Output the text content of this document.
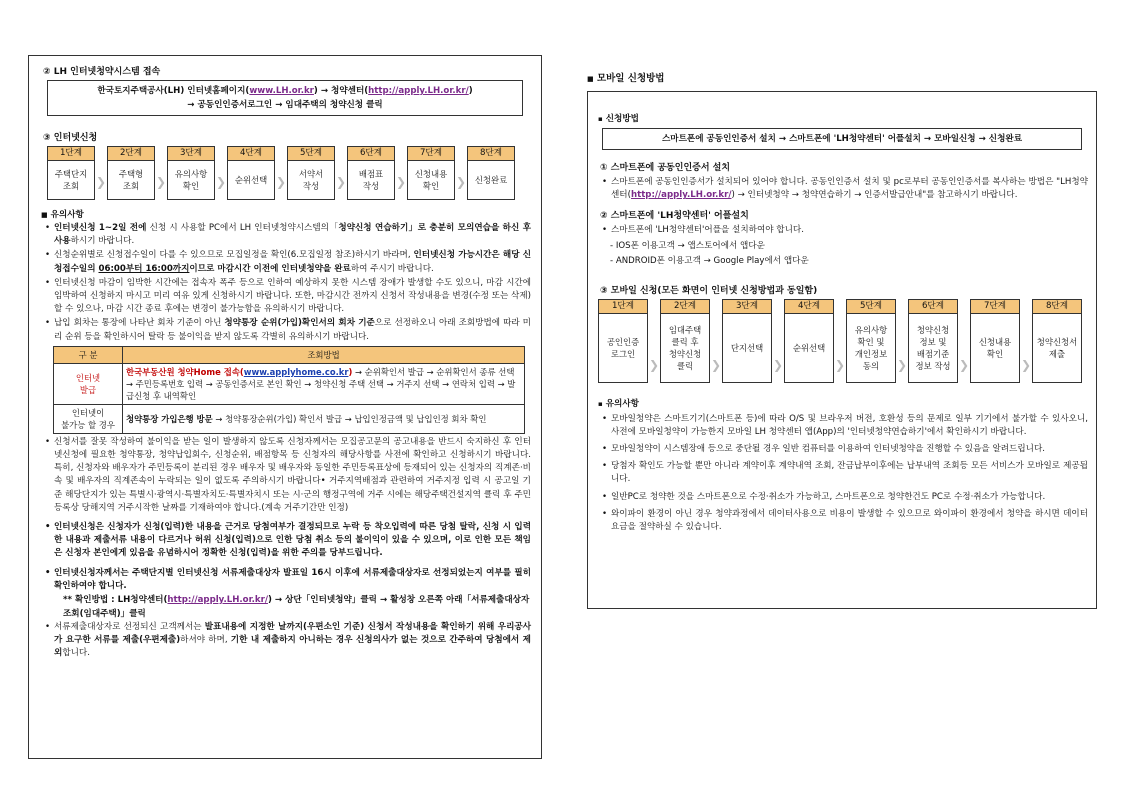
② LH 인터넷청약시스템 접속
한국토지주택공사(LH) 인터넷홈페이지(www.LH.or.kr) → 청약센터(http://apply.LH.or.kr/)
→ 공동인인증서로그인 → 임대주택의 청약신청 클릭
③ 인터넷신청
1단계
주택단지
조회	❯
2단계
주택형
조회	❯
3단계
유의사항
확인	❯
4단계
순위선택 ❯
5단계
서약서
작성	❯
6단계
배점표
작성	❯
7단계
신청내용
확인	❯
8단계
신청완료
■ 유의사항
• 인터넷신청 1~2일 전에 신청 시 사용할 PC에서 LH 인터넷청약시스템의「청약신청 연습하기」로 충분히 모의연습을 하신 후 사용하시기 바랍니다.
• 신청순위별로 신청접수일이 다를 수 있으므로 모집일정을 확인(6.모집일정 참조)하시기 바라며, 인터넷신청 가능시간은 해당 신청접수일의 06:00부터 16:00까지이므로 마감시간 이전에 인터넷청약을 완료하여 주시기 바랍니다.
• 인터넷신청 마감이 임박한 시간에는 접속자 폭주 등으로 인하여 예상하지 못한 시스템 장애가 발생할 수도 있으니, 마감 시간에 임박하여 신청하지 마시고 미리 여유 있게 신청하시기 바랍니다. 또한, 마감시간 전까지 신청서 작성내용을 변경(수정 또는 삭제)할 수 있으나, 마감 시간 종료 후에는 변경이 불가능함을 유의하시기 바랍니다.
• 납입 회차는 통장에 나타난 회차 기준이 아닌 청약통장 순위(가입)확인서의 회차 기준으로 선정하오니 아래 조회방법에 따라 미리 순위 등을 확인하시어 탈락 등 불이익을 받지 않도록 각별히 유의하시기 바랍니다.
구 분	조회방법
인터넷
발급	한국부동산원 청약Home 접속(www.applyhome.co.kr) → 순위확인서 발급 → 순위확인서 종류 선택 → 주민등록번호 입력 → 공동인증서로 본인 확인 → 청약신청 주택 선택 → 거주지 선택 → 연락처 입력 → 발급신청 후 내역확인
인터넷이
불가능 할 경우	청약통장 가입은행 방문 → 청약통장순위(가입) 확인서 발급 → 납입인정금액 및 납입인정 회차 확인
• 신청서를 잘못 작성하여 불이익을 받는 일이 발생하지 않도록 신청자께서는 모집공고문의 공고내용을 반드시 숙지하신 후 인터넷신청에 필요한 청약통장, 청약납입회수, 신청순위, 배점항목 등 신청자의 해당사항를 사전에 확인하고 신청하시기 바랍니다. 특히, 신청자와 배우자가 주민등록이 분리된 경우 배우자 및 배우자와 동일한 주민등록표상에 등재되어 있는 신청자의 직계존·비속 및 배우자의 직계존속이 누락되는 일이 없도록 주의하시기 바랍니다• 거주지역배점과 관련하여 거주지정 입력 시 공고일 기준 해당단지가 있는 특별시·광역시·특별자치도·특별자치시 또는 시·군의 행정구역에 거주 시에는 해당주택건설지역 클릭 후 주민등록상 당해지역 거주시작한 날짜를 기재하여야 합니다.(계속 거주기간만 인정)
• 인터넷신청은 신청자가 신청(입력)한 내용을 근거로 당첨여부가 결정되므로 누락 등 착오입력에 따른 당첨 탈락, 신청 시 입력한 내용과 제출서류 내용이 다르거나 허위 신청(입력)으로 인한 당첨 취소 등의 불이익이 있을 수 있으며, 이로 인한 모든 책임은 신청자 본인에게 있음을 유념하시어 정확한 신청(입력)을 위한 주의를 당부드립니다.
• 인터넷신청자께서는 주택단지별 인터넷신청 서류제출대상자 발표일 16시 이후에 서류제출대상자로 선정되었는지 여부를 필히 확인하여야 합니다.
** 확인방법 : LH청약센터(http://apply.LH.or.kr/) → 상단「인터넷청약」클릭 → 활성창 오른쪽 아래「서류제출대상자 조회(임대주택)」클릭
• 서류제출대상자로 선정되신 고객께서는 발표내용에 지정한 날까지(우편소인 기준) 신청서 작성내용을 확인하기 위해 우리공사가 요구한 서류를 제출(우편제출)하셔야 하며, 기한 내 제출하지 아니하는 경우 신청의사가 없는 것으로 간주하여 당첨에서 제외합니다.
■ 모바일 신청방법
▪ 신청방법
스마트폰에 공동인인증서 설치 → 스마트폰에 'LH청약센터' 어플설치 → 모바일신청 → 신청완료
① 스마트폰에 공동인인증서 설치
• 스마트폰에 공동인인증서가 설치되어 있어야 합니다. 공동인인증서 설치 및 pc로부터 공동인인증서를 복사하는 방법은 "LH청약센터(http://apply.LH.or.kr/) → 인터넷청약 → 청약연습하기 → 인증서발급안내"를 참고하시기 바랍니다.
② 스마트폰에 'LH청약센터' 어플설치
• 스마트폰에 'LH청약센터'어플을 설치하여야 합니다.
- IOS폰 이용고객 → 앱스토어에서 앱다운
- ANDROID폰 이용고객 → Google Play에서 앱다운
③ 모바일 신청(모든 화면이 인터넷 신청방법과 동일함)
1단계
공인인증
로그인
❯
2단계
임대주택
클릭 후
청약신청
클릭	❯
3단계
단지선택
❯
4단계
순위선택
❯
5단계
유의사항
확인 및
개인정보
동의	❯
6단계
청약신청
정보 및
배점기준
정보 작성 ❯
7단계
신청내용
확인
❯
8단계
청약신청서
제출
▪ 유의사항
• 모바일청약은 스마트기기(스마트폰 등)에 따라 O/S 및 브라우저 버전, 호환성 등의 문제로 일부 기기에서 불가할 수 있사오니, 사전에 모바일청약이 가능한지 모바일 LH 청약센터 앱(App)의 '인터넷청약연습하기'에서 확인하시기 바랍니다.
• 모바일청약이 시스템장애 등으로 중단될 경우 일반 컴퓨터를 이용하여 인터넷청약을 진행할 수 있음을 알려드립니다.
• 당첨자 확인도 가능할 뿐만 아니라 계약이후 계약내역 조회, 잔금납부이후에는 납부내역 조회등 모든 서비스가 모바일로 제공됩니다.
• 일반PC로 청약한 것을 스마트폰으로 수정·취소가 가능하고, 스마트폰으로 청약한건도 PC로 수정·취소가 가능합니다.
• 와이파이 환경이 아닌 경우 청약과정에서 데이터사용으로 비용이 발생할 수 있으므로 와이파이 환경에서 청약을 하시면 데이터 요금을 절약하실 수 있습니다.
